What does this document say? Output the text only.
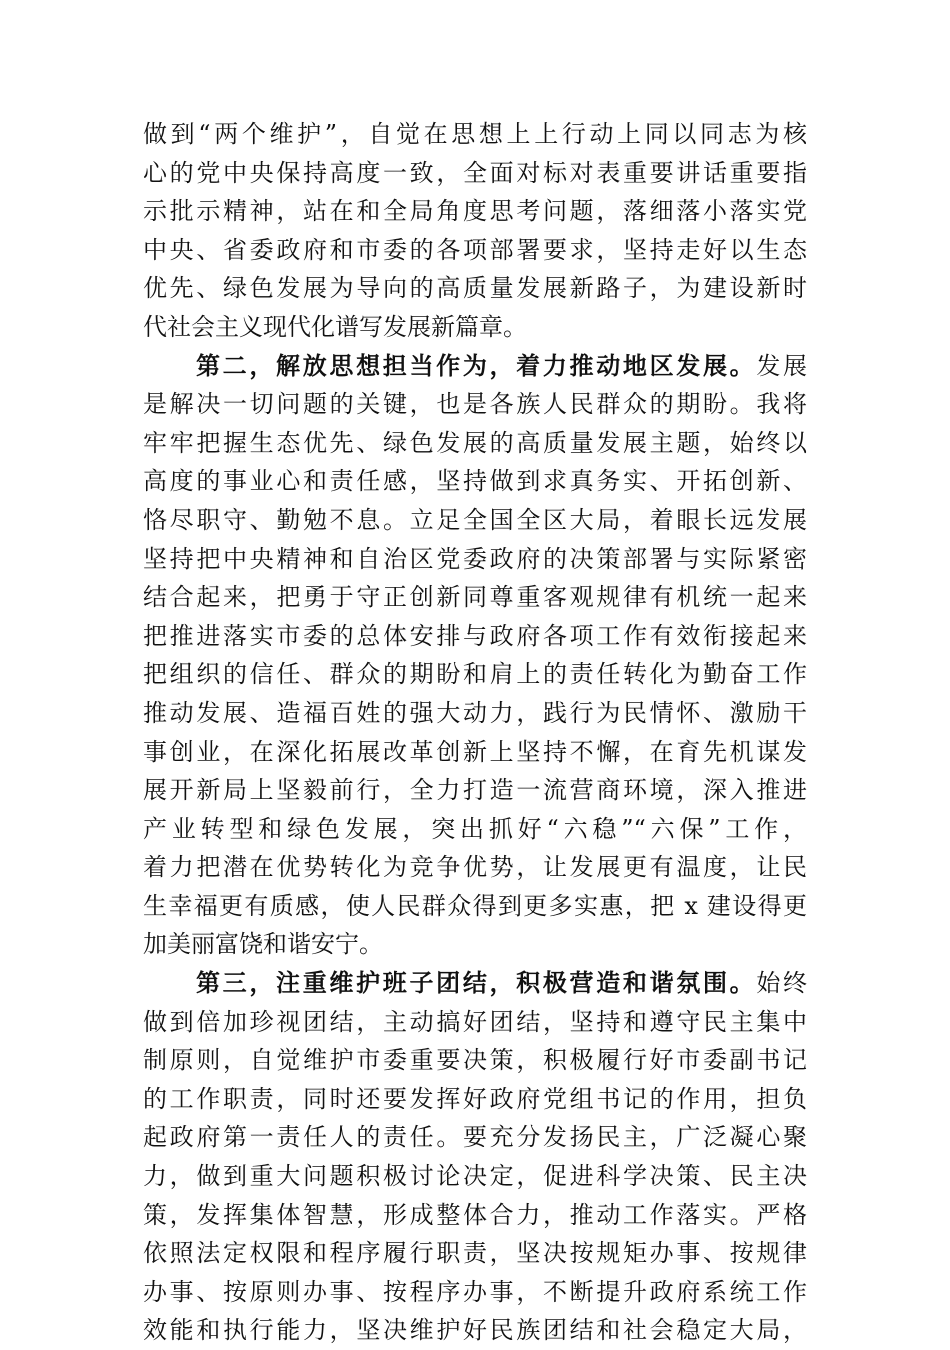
做到“两个维护”，自觉在思想上上行动上同以同志为核
心的党中央保持高度一致，全面对标对表重要讲话重要指
示批示精神，站在和全局角度思考问题，落细落小落实党
中央、省委政府和市委的各项部署要求，坚持走好以生态
优先、绿色发展为导向的高质量发展新路子，为建设新时
代社会主义现代化谱写发展新篇章。
第二，解放思想担当作为，着力推动地区发展。发展
是解决一切问题的关键，也是各族人民群众的期盼。我将
牢牢把握生态优先、绿色发展的高质量发展主题，始终以
高度的事业心和责任感，坚持做到求真务实、开拓创新、
恪尽职守、勤勉不息。立足全国全区大局，着眼长远发展
坚持把中央精神和自治区党委政府的决策部署与实际紧密
结合起来，把勇于守正创新同尊重客观规律有机统一起来
把推进落实市委的总体安排与政府各项工作有效衔接起来
把组织的信任、群众的期盼和肩上的责任转化为勤奋工作
推动发展、造福百姓的强大动力，践行为民情怀、激励干
事创业，在深化拓展改革创新上坚持不懈，在育先机谋发
展开新局上坚毅前行，全力打造一流营商环境，深入推进
产业转型和绿色发展，突出抓好“六稳”“六保”工作，
着力把潜在优势转化为竞争优势，让发展更有温度，让民
生幸福更有质感，使人民群众得到更多实惠，把 x 建设得更
加美丽富饶和谐安宁。
第三，注重维护班子团结，积极营造和谐氛围。始终
做到倍加珍视团结，主动搞好团结，坚持和遵守民主集中
制原则，自觉维护市委重要决策，积极履行好市委副书记
的工作职责，同时还要发挥好政府党组书记的作用，担负
起政府第一责任人的责任。要充分发扬民主，广泛凝心聚
力，做到重大问题积极讨论决定，促进科学决策、民主决
策，发挥集体智慧，形成整体合力，推动工作落实。严格
依照法定权限和程序履行职责，坚决按规矩办事、按规律
办事、按原则办事、按程序办事，不断提升政府系统工作
效能和执行能力，坚决维护好民族团结和社会稳定大局，
